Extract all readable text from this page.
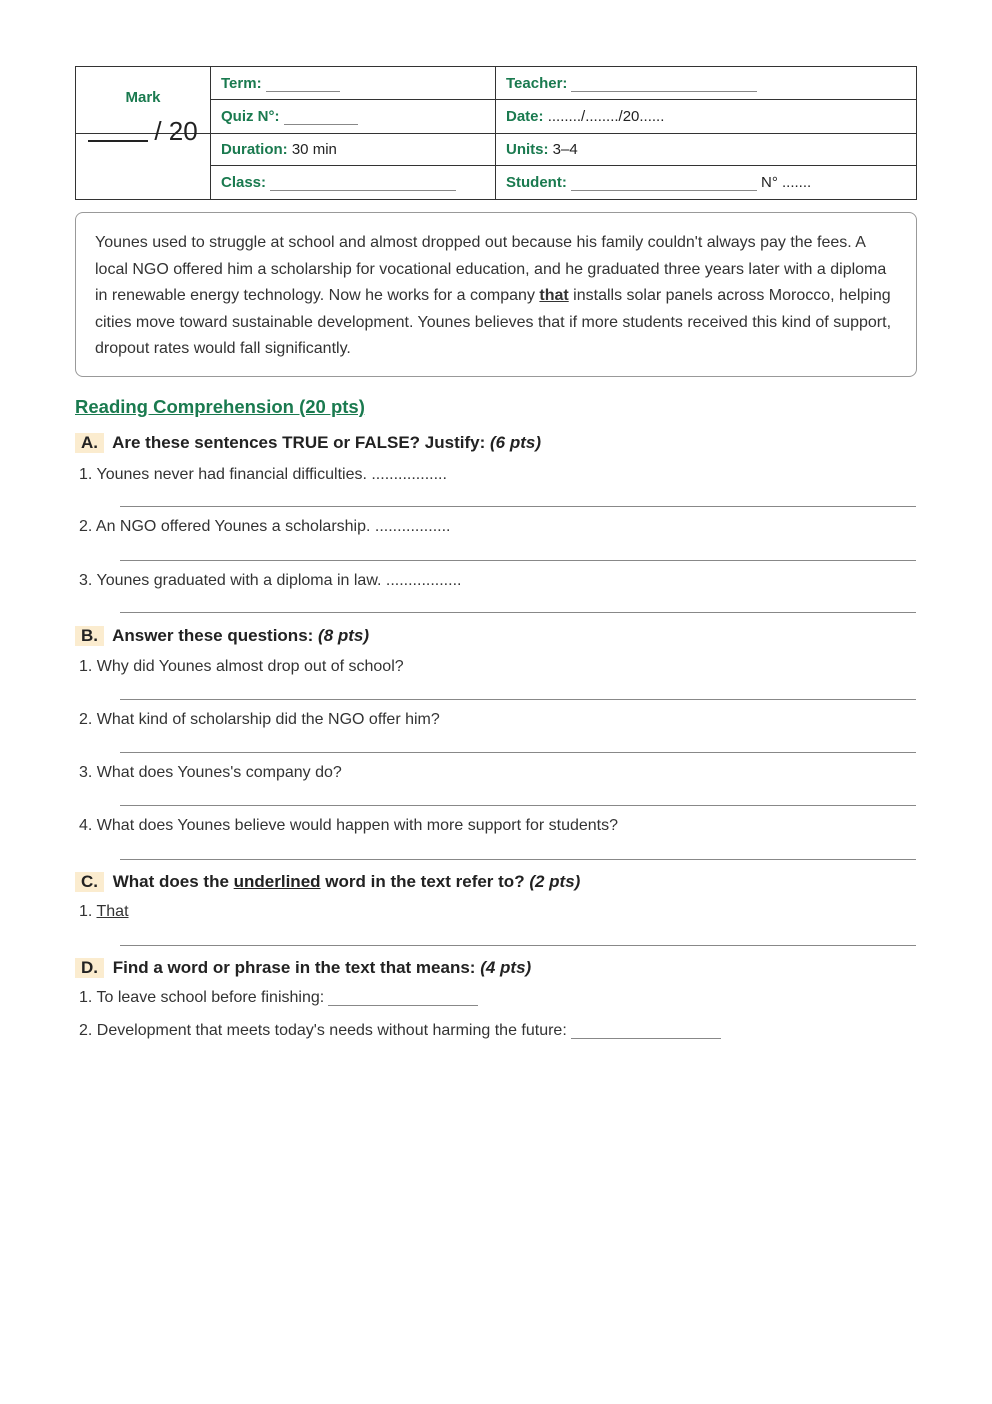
Mark	Term:	Teacher:
	Quiz N°:	Date: ......../......../20......

/ 20	Duration: 30 min	Units: 3–4
	Class:	Student: N° .......
Younes used to struggle at school and almost dropped out because his family couldn't always pay the fees. A local NGO offered him a scholarship for vocational education, and he graduated three years later with a diploma in renewable energy technology. Now he works for a company that installs solar panels across Morocco, helping cities move toward sustainable development. Younes believes that if more students received this kind of support, dropout rates would fall significantly.
Reading Comprehension (20 pts)
A. Are these sentences TRUE or FALSE? Justify: (6 pts)
1. Younes never had financial difficulties. .................
2. An NGO offered Younes a scholarship. .................
3. Younes graduated with a diploma in law. .................
B. Answer these questions: (8 pts)
1. Why did Younes almost drop out of school?
2. What kind of scholarship did the NGO offer him?
3. What does Younes's company do?
4. What does Younes believe would happen with more support for students?
C. What does the underlined word in the text refer to? (2 pts)
1. That
D. Find a word or phrase in the text that means: (4 pts)
1. To leave school before finishing:
2. Development that meets today's needs without harming the future:
